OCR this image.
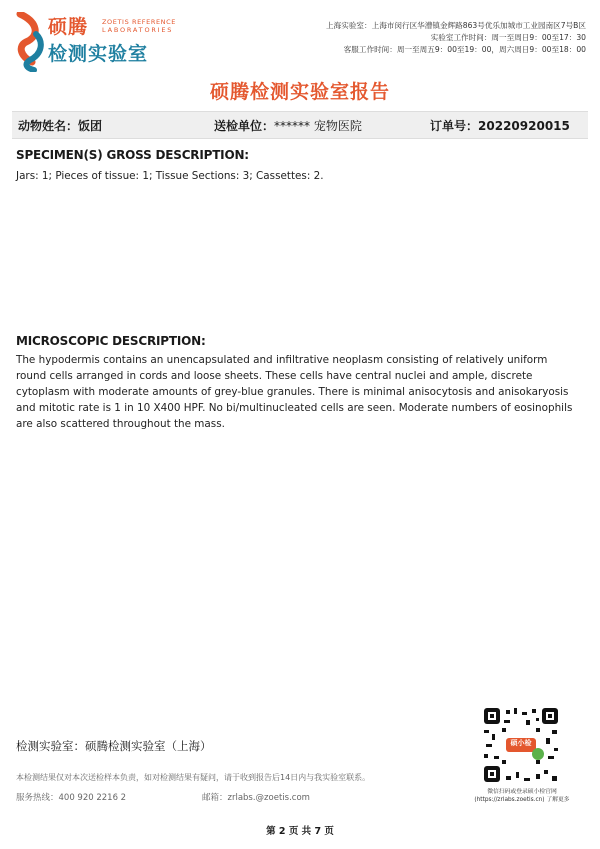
硕腾 ZOETIS REFERENCE
LABORATORIES
检测实验室
上海实验室：上海市闵行区华漕镇金辉路863号优乐加城市工业园南区7号B区
实验室工作时间：周一至周日9：00至17：30
客服工作时间：周一至周五9：00至19：00，周六周日9：00至18：00
硕腾检测实验室报告
动物姓名：饭团	送检单位：****** 宠物医院	订单号：20220920015
SPECIMEN(S) GROSS DESCRIPTION:
Jars: 1; Pieces of tissue: 1; Tissue Sections: 3; Cassettes: 2.
MICROSCOPIC DESCRIPTION:
The hypodermis contains an unencapsulated and infiltrative neoplasm consisting of relatively uniform round cells arranged in cords and loose sheets. These cells have central nuclei and ample, discrete cytoplasm with moderate amounts of grey-blue granules. There is minimal anisocytosis and anisokaryosis and mitotic rate is 1 in 10 X400 HPF. No bi/multinucleated cells are seen. Moderate numbers of eosinophils are also scattered throughout the mass.
检测实验室：硕腾检测实验室（上海）
本检测结果仅对本次送检样本负责，如对检测结果有疑问，请于收到报告后14日内与我实验室联系。
服务热线：400 920 2216 2	邮箱：zrlabs.@zoetis.com
硕小检
微信扫码或登录硕小检官网
(https://zrlabs.zoetis.cn) 了解更多
第 2 页 共 7 页
